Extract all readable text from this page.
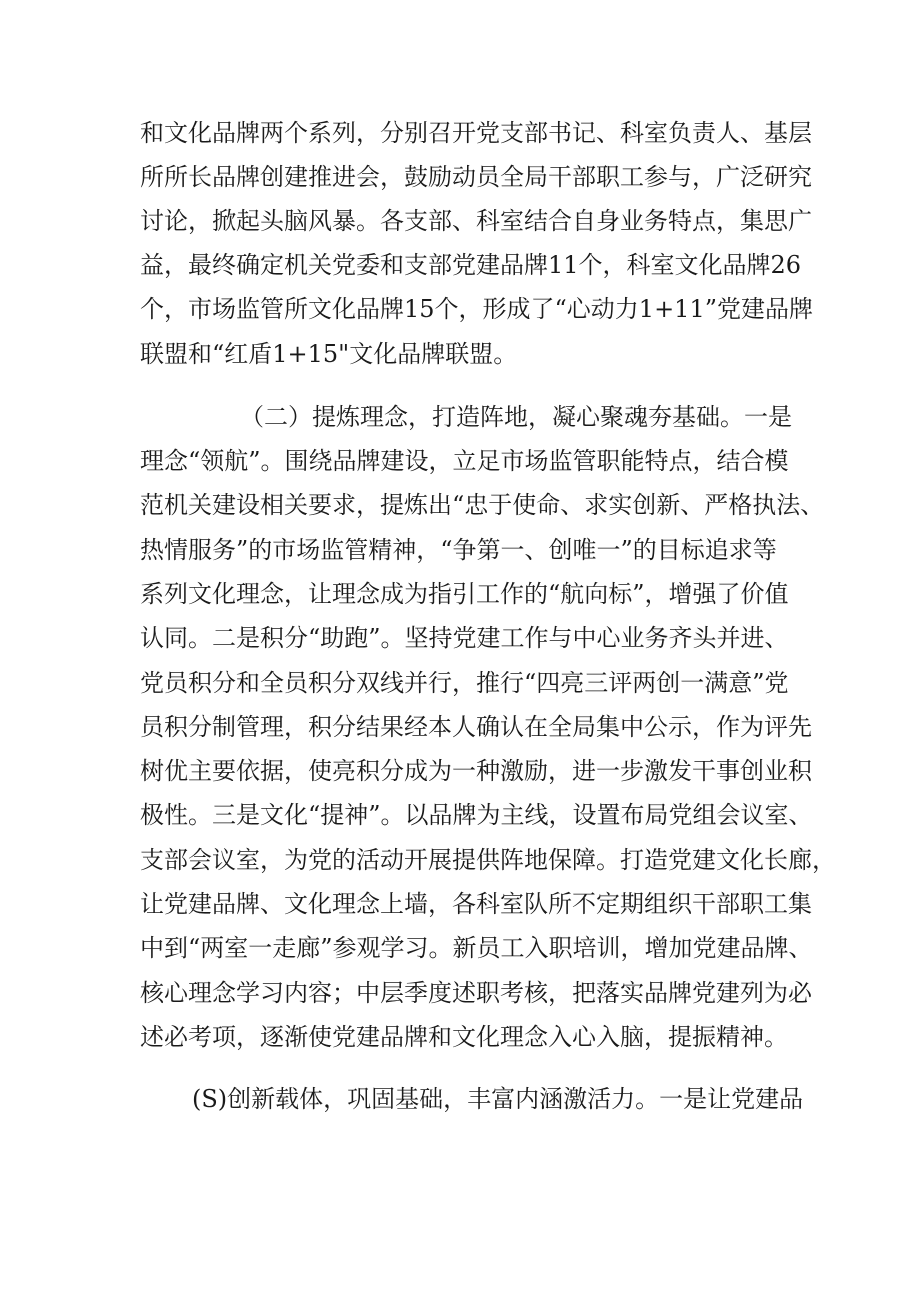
和文化品牌两个系列，分别召开党支部书记、科室负责人、基层
所所长品牌创建推进会，鼓励动员全局干部职工参与，广泛研究
讨论，掀起头脑风暴。各支部、科室结合自身业务特点，集思广
益，最终确定机关党委和支部党建品牌11个，科室文化品牌26
个，市场监管所文化品牌15个，形成了“心动力1+11”党建品牌
联盟和“红盾1+15"文化品牌联盟。
（二）提炼理念，打造阵地，凝心聚魂夯基础。一是
理念“领航”。围绕品牌建设，立足市场监管职能特点，结合模
范机关建设相关要求，提炼出“忠于使命、求实创新、严格执法、
热情服务”的市场监管精神，“争第一、创唯一”的目标追求等
系列文化理念，让理念成为指引工作的“航向标”，增强了价值
认同。二是积分“助跑”。坚持党建工作与中心业务齐头并进、
党员积分和全员积分双线并行，推行“四亮三评两创一满意”党
员积分制管理，积分结果经本人确认在全局集中公示，作为评先
树优主要依据，使亮积分成为一种激励，进一步激发干事创业积
极性。三是文化“提神”。以品牌为主线，设置布局党组会议室、
支部会议室，为党的活动开展提供阵地保障。打造党建文化长廊，
让党建品牌、文化理念上墙，各科室队所不定期组织干部职工集
中到“两室一走廊”参观学习。新员工入职培训，增加党建品牌、
核心理念学习内容；中层季度述职考核，把落实品牌党建列为必
述必考项，逐渐使党建品牌和文化理念入心入脑，提振精神。
(S)创新载体，巩固基础，丰富内涵激活力。一是让党建品
